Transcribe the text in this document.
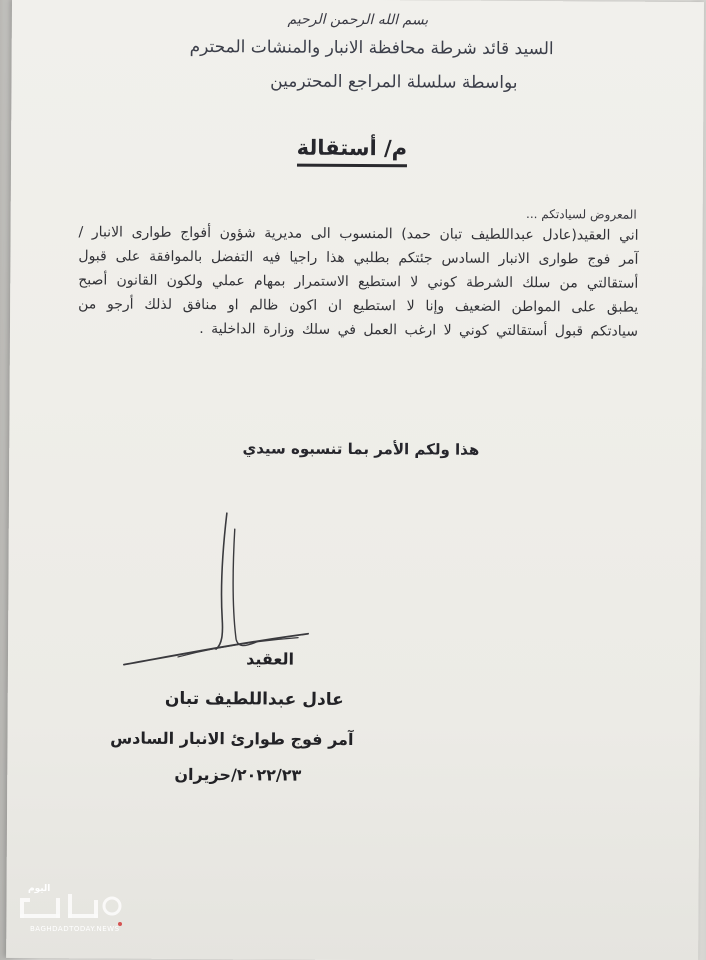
بسم الله الرحمن الرحيم
السيد قائد شرطة محافظة الانبار والمنشات المحترم
بواسطة سلسلة المراجع المحترمين
م/ أستقالة
المعروض لسيادتكم ...
اني العقيد(عادل عبداللطيف تبان حمد) المنسوب الى مديرية شؤون أفواج طوارى الانبار / آمر فوج طوارى الانبار السادس جئتكم بطلبي هذا راجيا فيه التفضل بالموافقة على قبول أستقالتي من سلك الشرطة كوني لا استطيع الاستمرار بمهام عملي ولكون القانون أصبح يطبق على المواطن الضعيف وإنا لا استطيع ان اكون ظالم او منافق لذلك أرجو من سيادتكم قبول أستقالتي كوني لا ارغب العمل في سلك وزارة الداخلية .
هذا ولكم الأمر بما تنسبوه سيدي
العقيد
عادل عبداللطيف تبان
آمر فوج طوارئ الانبار السادس
٢٠٢٢/٢٣/حزيران
اليوم
BAGHDADTODAY.NEWS
